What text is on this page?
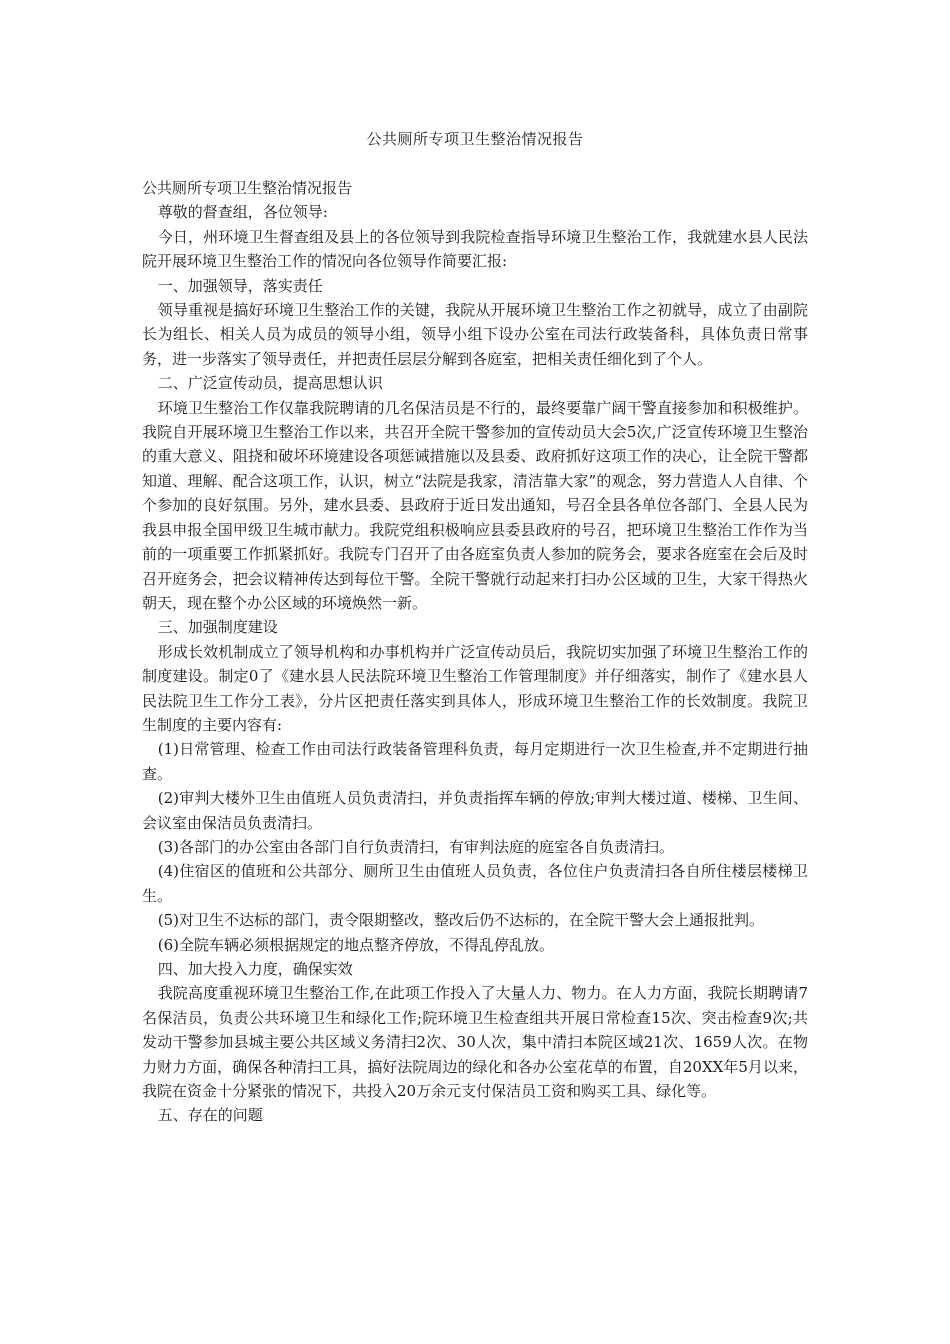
公共厕所专项卫生整治情况报告

公共厕所专项卫生整治情况报告

尊敬的督查组，各位领导:

今日，州环境卫生督查组及县上的各位领导到我院检查指导环境卫生整治工作，我就建水县人民法院开展环境卫生整治工作的情况向各位领导作简要汇报:

一、加强领导，落实责任

领导重视是搞好环境卫生整治工作的关键，我院从开展环境卫生整治工作之初就导，成立了由副院长为组长、相关人员为成员的领导小组，领导小组下设办公室在司法行政装备科，具体负责日常事务，进一步落实了领导责任，并把责任层层分解到各庭室，把相关责任细化到了个人。

二、广泛宣传动员，提高思想认识

环境卫生整治工作仅靠我院聘请的几名保洁员是不行的，最终要靠广阔干警直接参加和积极维护。我院自开展环境卫生整治工作以来，共召开全院干警参加的宣传动员大会5次,广泛宣传环境卫生整治的重大意义、阻挠和破坏环境建设各项惩诫措施以及县委、政府抓好这项工作的决心，让全院干警都知道、理解、配合这项工作，认识，树立“法院是我家，清洁靠大家”的观念，努力营造人人自律、个个参加的良好氛围。另外，建水县委、县政府于近日发出通知，号召全县各单位各部门、全县人民为我县申报全国甲级卫生城市献力。我院党组积极响应县委县政府的号召，把环境卫生整治工作作为当前的一项重要工作抓紧抓好。我院专门召开了由各庭室负责人参加的院务会，要求各庭室在会后及时召开庭务会，把会议精神传达到每位干警。全院干警就行动起来打扫办公区域的卫生，大家干得热火朝天，现在整个办公区域的环境焕然一新。

三、加强制度建设

形成长效机制成立了领导机构和办事机构并广泛宣传动员后，我院切实加强了环境卫生整治工作的制度建设。制定0了《建水县人民法院环境卫生整治工作管理制度》并仔细落实，制作了《建水县人民法院卫生工作分工表》，分片区把责任落实到具体人，形成环境卫生整治工作的长效制度。我院卫生制度的主要内容有:

(1)日常管理、检查工作由司法行政装备管理科负责，每月定期进行一次卫生检查,并不定期进行抽查。

(2)审判大楼外卫生由值班人员负责清扫，并负责指挥车辆的停放;审判大楼过道、楼梯、卫生间、会议室由保洁员负责清扫。

(3)各部门的办公室由各部门自行负责清扫，有审判法庭的庭室各自负责清扫。

(4)住宿区的值班和公共部分、厕所卫生由值班人员负责，各位住户负责清扫各自所住楼层楼梯卫生。

(5)对卫生不达标的部门，责令限期整改，整改后仍不达标的，在全院干警大会上通报批判。

(6)全院车辆必须根据规定的地点整齐停放，不得乱停乱放。

四、加大投入力度，确保实效

我院高度重视环境卫生整治工作,在此项工作投入了大量人力、物力。在人力方面，我院长期聘请7名保洁员，负责公共环境卫生和绿化工作;院环境卫生检查组共开展日常检查15次、突击检查9次;共发动干警参加县城主要公共区域义务清扫2次、30人次，集中清扫本院区域21次、1659人次。在物力财力方面，确保各种清扫工具，搞好法院周边的绿化和各办公室花草的布置，自20XX年5月以来，我院在资金十分紧张的情况下，共投入20万余元支付保洁员工资和购买工具、绿化等。

五、存在的问题
